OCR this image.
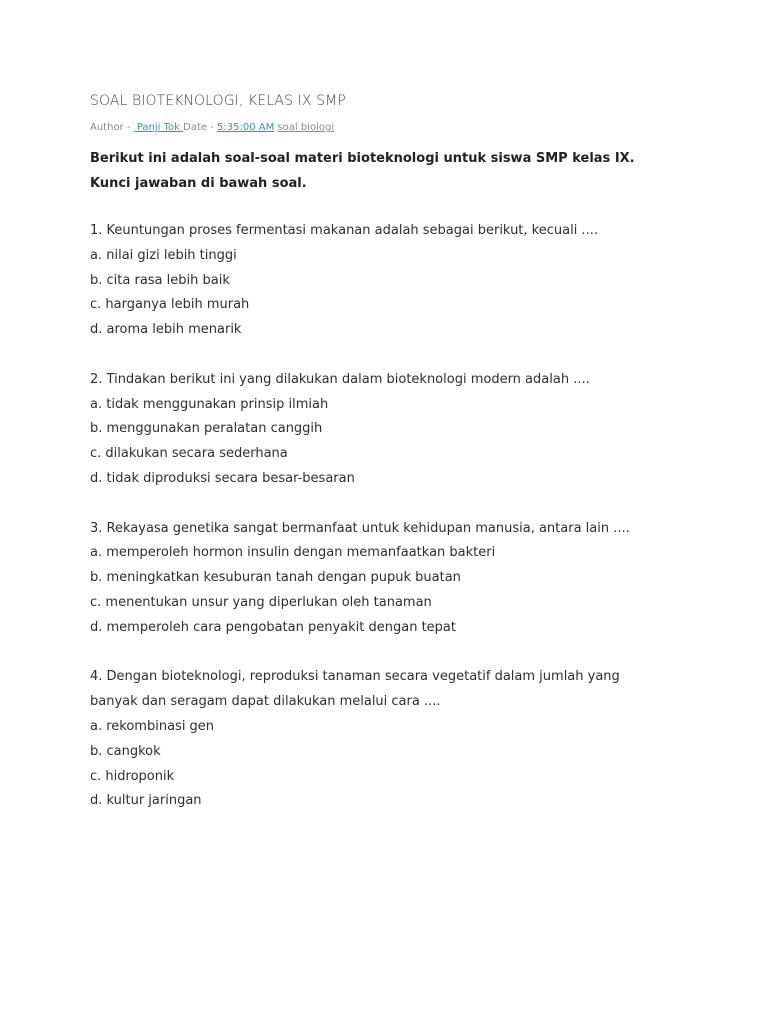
SOAL BIOTEKNOLOGI, KELAS IX SMP
Author - Panji Tok Date - 5:35:00 AM soal biologi
Berikut ini adalah soal-soal materi bioteknologi untuk siswa SMP kelas IX.
Kunci jawaban di bawah soal.
1. Keuntungan proses fermentasi makanan adalah sebagai berikut, kecuali ....
a. nilai gizi lebih tinggi
b. cita rasa lebih baik
c. harganya lebih murah
d. aroma lebih menarik
2. Tindakan berikut ini yang dilakukan dalam bioteknologi modern adalah ....
a. tidak menggunakan prinsip ilmiah
b. menggunakan peralatan canggih
c. dilakukan secara sederhana
d. tidak diproduksi secara besar-besaran
3. Rekayasa genetika sangat bermanfaat untuk kehidupan manusia, antara lain ....
a. memperoleh hormon insulin dengan memanfaatkan bakteri
b. meningkatkan kesuburan tanah dengan pupuk buatan
c. menentukan unsur yang diperlukan oleh tanaman
d. memperoleh cara pengobatan penyakit dengan tepat
4. Dengan bioteknologi, reproduksi tanaman secara vegetatif dalam jumlah yang
banyak dan seragam dapat dilakukan melalui cara ....
a. rekombinasi gen
b. cangkok
c. hidroponik
d. kultur jaringan
